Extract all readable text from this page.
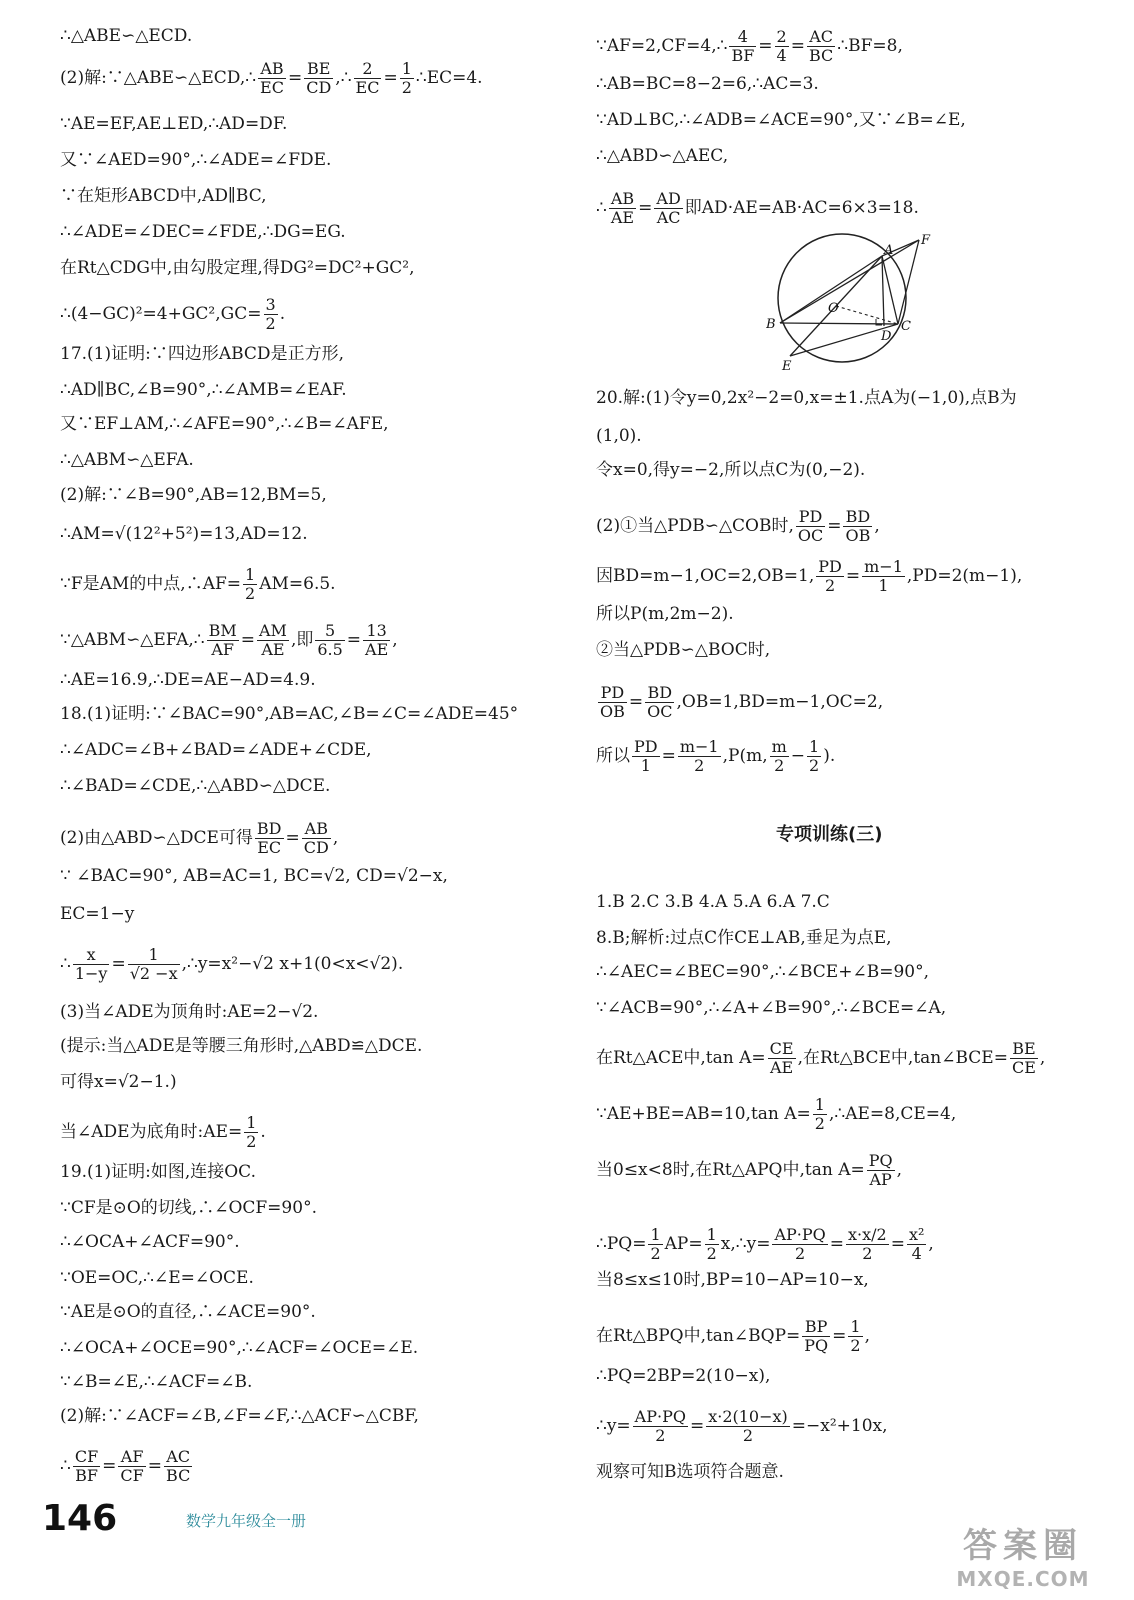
∴△ABE∽△ECD.
(2)解:∵△ABE∽△ECD,∴ $\frac{AB}{EC} = \frac{BE}{CD}$ ,∴ $\frac{2}{EC} = \frac{1}{2}$ ∴EC=4.
∵AE=EF,AE⊥ED,∴AD=DF.
又∵∠AED=90°,∴∠ADE=∠FDE.
∵在矩形ABCD中,AD∥BC,
∴∠ADE=∠DEC=∠FDE,∴DG=EG.
在Rt△CDG中,由勾股定理,得DG²=DC²+GC²,
∴(4−GC)²=4+GC²,GC= $\frac{3}{2}$ .
17.(1)证明:∵四边形ABCD是正方形,
∴AD∥BC,∠B=90°,∴∠AMB=∠EAF.
又∵EF⊥AM,∴∠AFE=90°,∴∠B=∠AFE,
∴△ABM∽△EFA.
(2)解:∵∠B=90°,AB=12,BM=5,
∴AM=√(12²+5²)=13,AD=12.
∵F是AM的中点,∴AF= $\frac{1}{2} AM=6.5$.
∵△ABM∽△EFA,∴ $\frac{BM}{AF} = \frac{AM}{AE}$ ,即 $\frac{5}{6.5} = \frac{13}{AE}$ ,
∴AE=16.9,∴DE=AE−AD=4.9.
18.(1)证明:∵∠BAC=90°,AB=AC,∠B=∠C=∠ADE=45°
∴∠ADC=∠B+∠BAD=∠ADE+∠CDE,
∴∠BAD=∠CDE,∴△ABD∽△DCE.
(2)由△ABD∽△DCE可得 $\frac{BD}{EC} = \frac{AB}{CD}$ ,
∵ ∠BAC=90°, AB=AC=1, BC=√2, CD=√2−x,
EC=1−y
∴ $\frac{x}{1-y} = \frac{1}{√2 -x}$ ,∴y=x²−√2 x+1(0<x<√2).
(3)当∠ADE为顶角时:AE=2−√2.
(提示:当△ADE是等腰三角形时,△ABD≌△DCE.
可得x=√2−1.)
当∠ADE为底角时:AE= $\frac{1}{2}$ .
19.(1)证明:如图,连接OC.
∵CF是⊙O的切线,∴∠OCF=90°.
∴∠OCA+∠ACF=90°.
∵OE=OC,∴∠E=∠OCE.
∵AE是⊙O的直径,∴∠ACE=90°.
∴∠OCA+∠OCE=90°,∴∠ACF=∠OCE=∠E.
∵∠B=∠E,∴∠ACF=∠B.
(2)解:∵∠ACF=∠B,∠F=∠F,∴△ACF∽△CBF,
∴ $\frac{CF}{BF} = \frac{AF}{CF} = \frac{AC}{BC}$
∵AF=2,CF=4,∴ $\frac{4}{BF} = \frac{2}{4} = \frac{AC}{BC}$ ∴BF=8,
∴AB=BC=8−2=6,∴AC=3.
∵AD⊥BC,∴∠ADB=∠ACE=90°,又∵∠B=∠E,
∴△ABD∽△AEC,
∴ $\frac{AB}{AE} = \frac{AD}{AC}$ 即AD·AE=AB·AC=6×3=18.
20.解:(1)令y=0,2x²−2=0,x=±1.点A为(−1,0),点B为
(1,0).
令x=0,得y=−2,所以点C为(0,−2).
(2)①当△PDB∽△COB时, $\frac{PD}{OC} = \frac{BD}{OB}$ ,
因BD=m−1,OC=2,OB=1, $\frac{PD}{2} = \frac{m-1}{1} ,PD=2(m-1)$,
所以P(m,2m−2).
②当△PDB∽△BOC时,
$\frac{PD}{OB} = \frac{BD}{OC} ,OB=1,BD=m-1,OC=2$,
所以 $\frac{PD}{1} = \frac{m-1}{2} ,P(m$, $\frac{m}{2} - \frac{1}{2}$ ).
专项训练(三)
1.B 2.C 3.B 4.A 5.A 6.A 7.C
8.B;解析:过点C作CE⊥AB,垂足为点E,
∴∠AEC=∠BEC=90°,∴∠BCE+∠B=90°,
∵∠ACB=90°,∴∠A+∠B=90°,∴∠BCE=∠A,
在Rt△ACE中,tan $A= \frac{CE}{AE}$ ,在Rt△BCE中,tan∠BCE= $\frac{BE}{CE}$ ,
∵AE+BE=AB=10,tan $A= \frac{1}{2}$ ,∴AE=8,CE=4,
当0≤x<8时,在Rt△APQ中,tan $A= \frac{PQ}{AP}$ ,
∴PQ= $\frac{1}{2} AP= \frac{1}{2}$ x,∴y= $\frac{AP\cdot PQ}{2} = \frac{x\cdot x/2}{2} = \frac{\text{x²}}{4}$ ,
当8≤x≤10时,BP=10−AP=10−x,
在Rt△BPQ中,tan∠BQP= $\frac{BP}{PQ} = \frac{1}{2}$ ,
∴PQ=2BP=2(10−x),
∴y= $\frac{AP\cdot PQ}{2} = \frac{x\cdot 2(10-x)}{2} =-x^2+10x$,
观察可知B选项符合题意.
A
B	C
D
E
F
O
146	数学九年级全一册
答案圈
MXQE.COM
